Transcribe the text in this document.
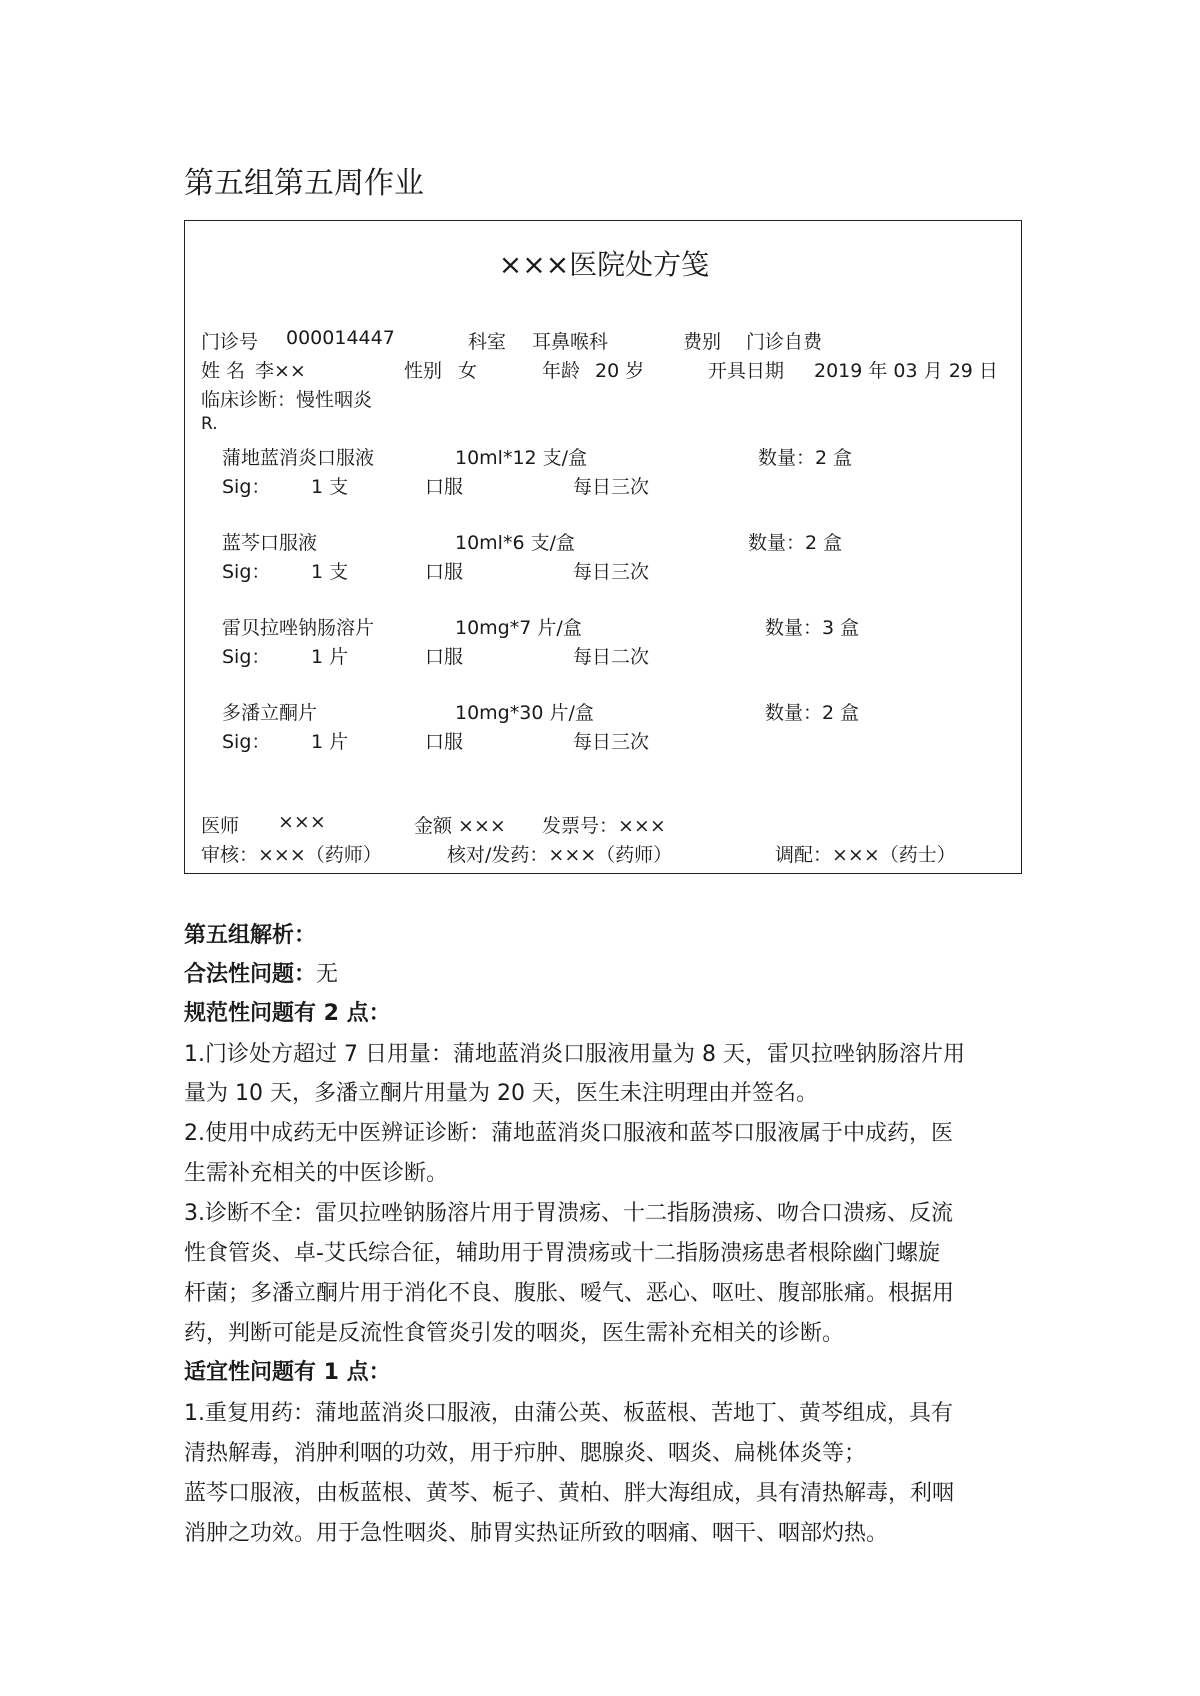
第五组第五周作业
×××医院处方笺
门诊号 000014447	科室 耳鼻喉科	费别 门诊自费
姓 名 李××	性别 女	年龄 20 岁	开具日期 2019 年 03 月 29 日
临床诊断：慢性咽炎
R.
蒲地蓝消炎口服液	10ml*12 支/盒	数量：2 盒
Sig： 1 支	口服	每日三次
蓝芩口服液	10ml*6 支/盒	数量：2 盒
Sig： 1 支	口服	每日三次
雷贝拉唑钠肠溶片	10mg*7 片/盒	数量：3 盒
Sig： 1 片	口服	每日二次
多潘立酮片	10mg*30 片/盒	数量：2 盒
Sig： 1 片	口服	每日三次
医师 ×××	金额 ××× 发票号：×××
审核：×××（药师）	核对/发药：×××（药师）	调配：×××（药士）
第五组解析：
合法性问题：无
规范性问题有 2 点：
1.门诊处方超过 7 日用量：蒲地蓝消炎口服液用量为 8 天，雷贝拉唑钠肠溶片用
量为 10 天，多潘立酮片用量为 20 天，医生未注明理由并签名。
2.使用中成药无中医辨证诊断：蒲地蓝消炎口服液和蓝芩口服液属于中成药，医
生需补充相关的中医诊断。
3.诊断不全：雷贝拉唑钠肠溶片用于胃溃疡、十二指肠溃疡、吻合口溃疡、反流
性食管炎、卓-艾氏综合征，辅助用于胃溃疡或十二指肠溃疡患者根除幽门螺旋
杆菌；多潘立酮片用于消化不良、腹胀、嗳气、恶心、呕吐、腹部胀痛。根据用
药，判断可能是反流性食管炎引发的咽炎，医生需补充相关的诊断。
适宜性问题有 1 点：
1.重复用药：蒲地蓝消炎口服液，由蒲公英、板蓝根、苦地丁、黄芩组成，具有
清热解毒，消肿利咽的功效，用于疖肿、腮腺炎、咽炎、扁桃体炎等；
蓝芩口服液，由板蓝根、黄芩、栀子、黄柏、胖大海组成，具有清热解毒，利咽
消肿之功效。用于急性咽炎、肺胃实热证所致的咽痛、咽干、咽部灼热。
